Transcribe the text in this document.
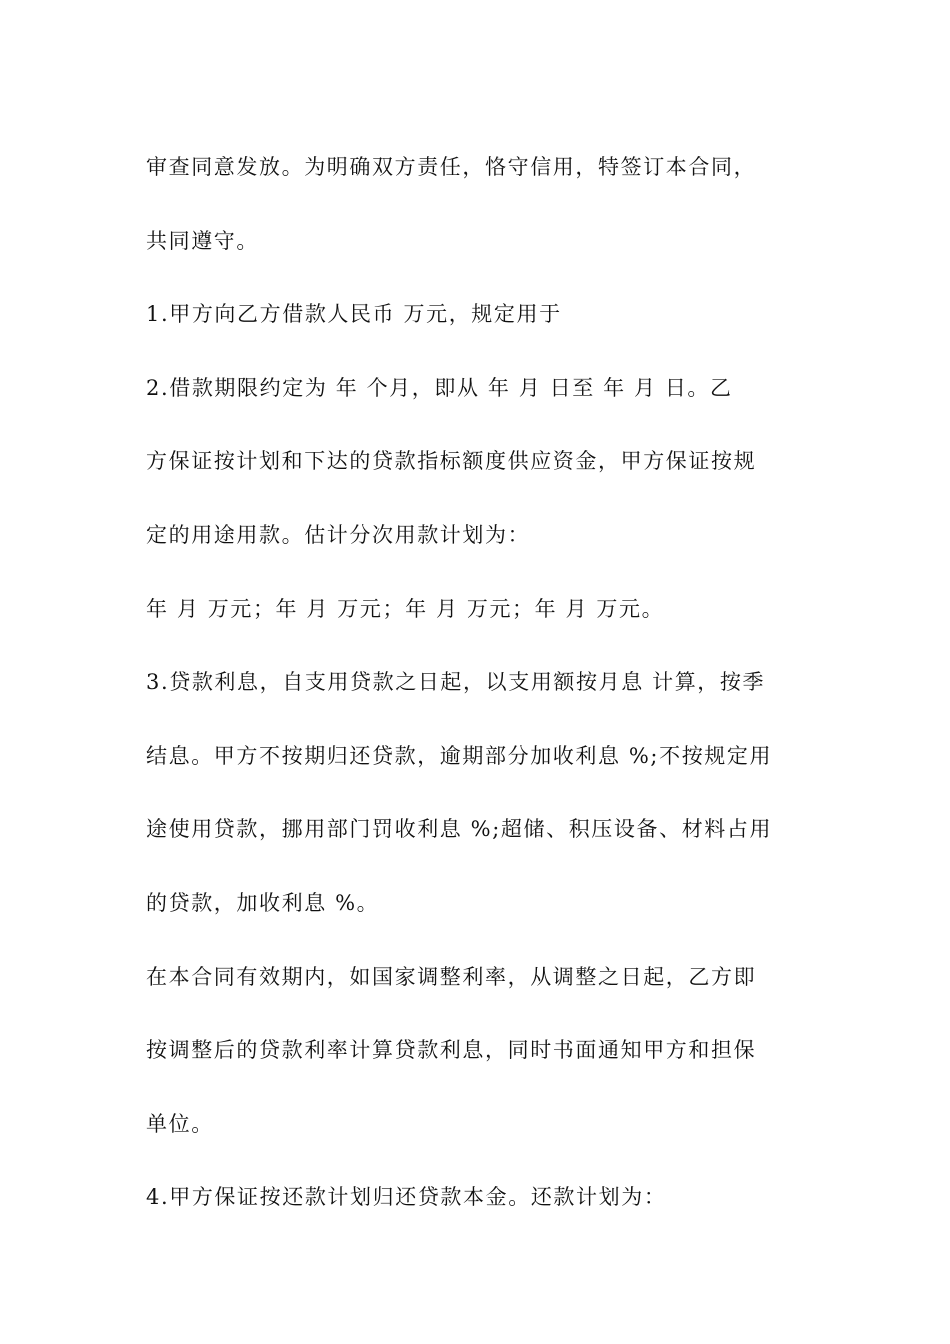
审查同意发放。为明确双方责任，恪守信用，特签订本合同，
共同遵守。
1.甲方向乙方借款人民币 万元，规定用于
2.借款期限约定为 年 个月，即从 年 月 日至 年 月 日。乙
方保证按计划和下达的贷款指标额度供应资金，甲方保证按规
定的用途用款。估计分次用款计划为：
年 月 万元；年 月 万元；年 月 万元；年 月 万元。
3.贷款利息，自支用贷款之日起，以支用额按月息 计算，按季
结息。甲方不按期归还贷款，逾期部分加收利息 %;不按规定用
途使用贷款，挪用部门罚收利息 %;超储、积压设备、材料占用
的贷款，加收利息 %。
在本合同有效期内，如国家调整利率，从调整之日起，乙方即
按调整后的贷款利率计算贷款利息，同时书面通知甲方和担保
单位。
4.甲方保证按还款计划归还贷款本金。还款计划为：
